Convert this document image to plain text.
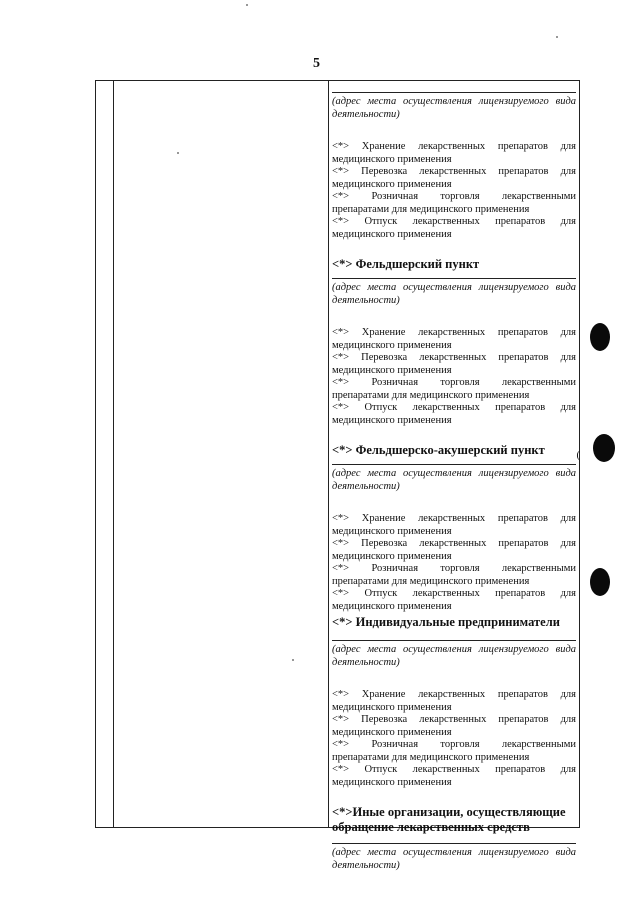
5

(адрес места осуществления лицензируемого вида деятельности)

<*> Хранение лекарственных препаратов для медицинского применения

<*> Перевозка лекарственных препаратов для медицинского применения

<*> Розничная торговля лекарственными препаратами для медицинского применения

<*> Отпуск лекарственных препаратов для медицинского применения

<*> Фельдшерский пункт

(адрес места осуществления лицензируемого вида деятельности)

<*> Хранение лекарственных препаратов для медицинского применения

<*> Перевозка лекарственных препаратов для медицинского применения

<*> Розничная торговля лекарственными препаратами для медицинского применения

<*> Отпуск лекарственных препаратов для медицинского применения

<*> Фельдшерско-акушерский пункт	(

(адрес места осуществления лицензируемого вида деятельности)

<*> Хранение лекарственных препаратов для медицинского применения

<*> Перевозка лекарственных препаратов для медицинского применения

<*> Розничная торговля лекарственными препаратами для медицинского применения

<*> Отпуск лекарственных препаратов для медицинского применения

<*> Индивидуальные предприниматели

(адрес места осуществления лицензируемого вида деятельности)

<*> Хранение лекарственных препаратов для медицинского применения

<*> Перевозка лекарственных препаратов для медицинского применения

<*> Розничная торговля лекарственными препаратами для медицинского применения

<*> Отпуск лекарственных препаратов для медицинского применения

<*>Иные организации, осуществляющие обращение лекарственных средств

(адрес места осуществления лицензируемого вида деятельности)
